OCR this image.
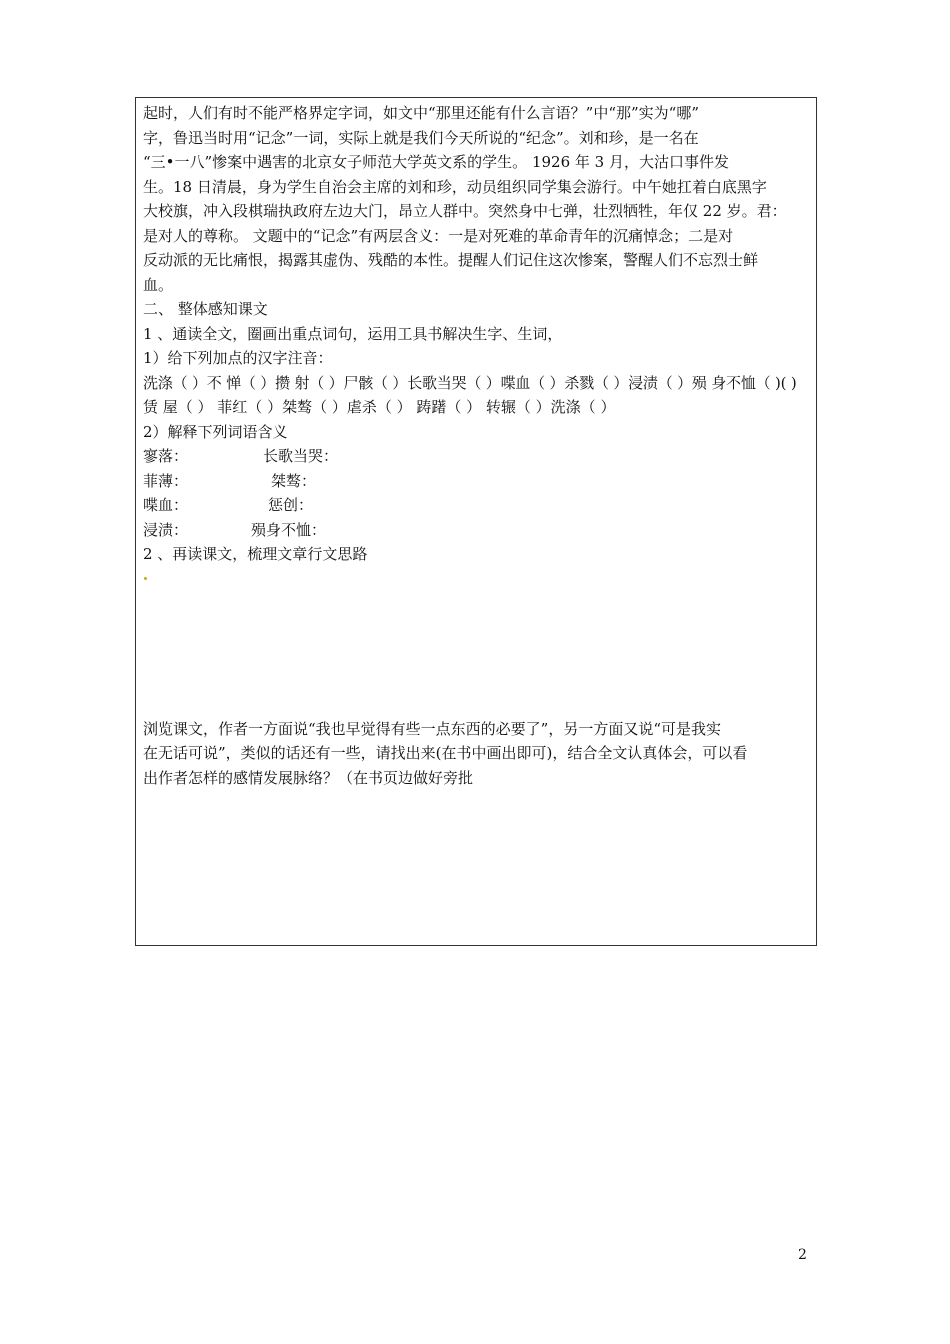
起时，人们有时不能严格界定字词，如文中“那里还能有什么言语？”中“那”实为“哪”

字，鲁迅当时用“记念”一词，实际上就是我们今天所说的“纪念”。刘和珍，是一名在

“三•一八”惨案中遇害的北京女子师范大学英文系的学生。 1926 年 3 月，大沽口事件发

生。18 日清晨，身为学生自治会主席的刘和珍，动员组织同学集会游行。中午她扛着白底黑字

大校旗，冲入段棋瑞执政府左边大门，昂立人群中。突然身中七弹，壮烈牺牲，年仅 22 岁。君：

是对人的尊称。 文题中的“记念”有两层含义：一是对死难的革命青年的沉痛悼念；二是对

反动派的无比痛恨，揭露其虚伪、残酷的本性。提醒人们记住这次惨案，警醒人们不忘烈士鲜

血。

二、 整体感知课文

1 、通读全文，圈画出重点词句，运用工具书解决生字、生词，

1）给下列加点的汉字注音：

洗涤（ ）不 惮（ ）攒 射（ ）尸骸（ ）长歌当哭（ ）喋血（ ）杀戮（ ）浸渍（ ）殒 身不恤（ )( )

赁 屋（ ） 菲红（ ）桀骜（ ）虐杀（ ） 踌躇（ ） 转辗（ ）洗涤（ ）

2）解释下列词语含义

寥落：	长歌当哭：
菲薄：	桀骜：
喋血：	惩创：
浸渍：	殒身不恤：

2 、再读课文，梳理文章行文思路

浏览课文，作者一方面说“我也早觉得有些一点东西的必要了”，另一方面又说“可是我实

在无话可说”，类似的话还有一些，请找出来(在书中画出即可)，结合全文认真体会，可以看

出作者怎样的感情发展脉络？（在书页边做好旁批

2
